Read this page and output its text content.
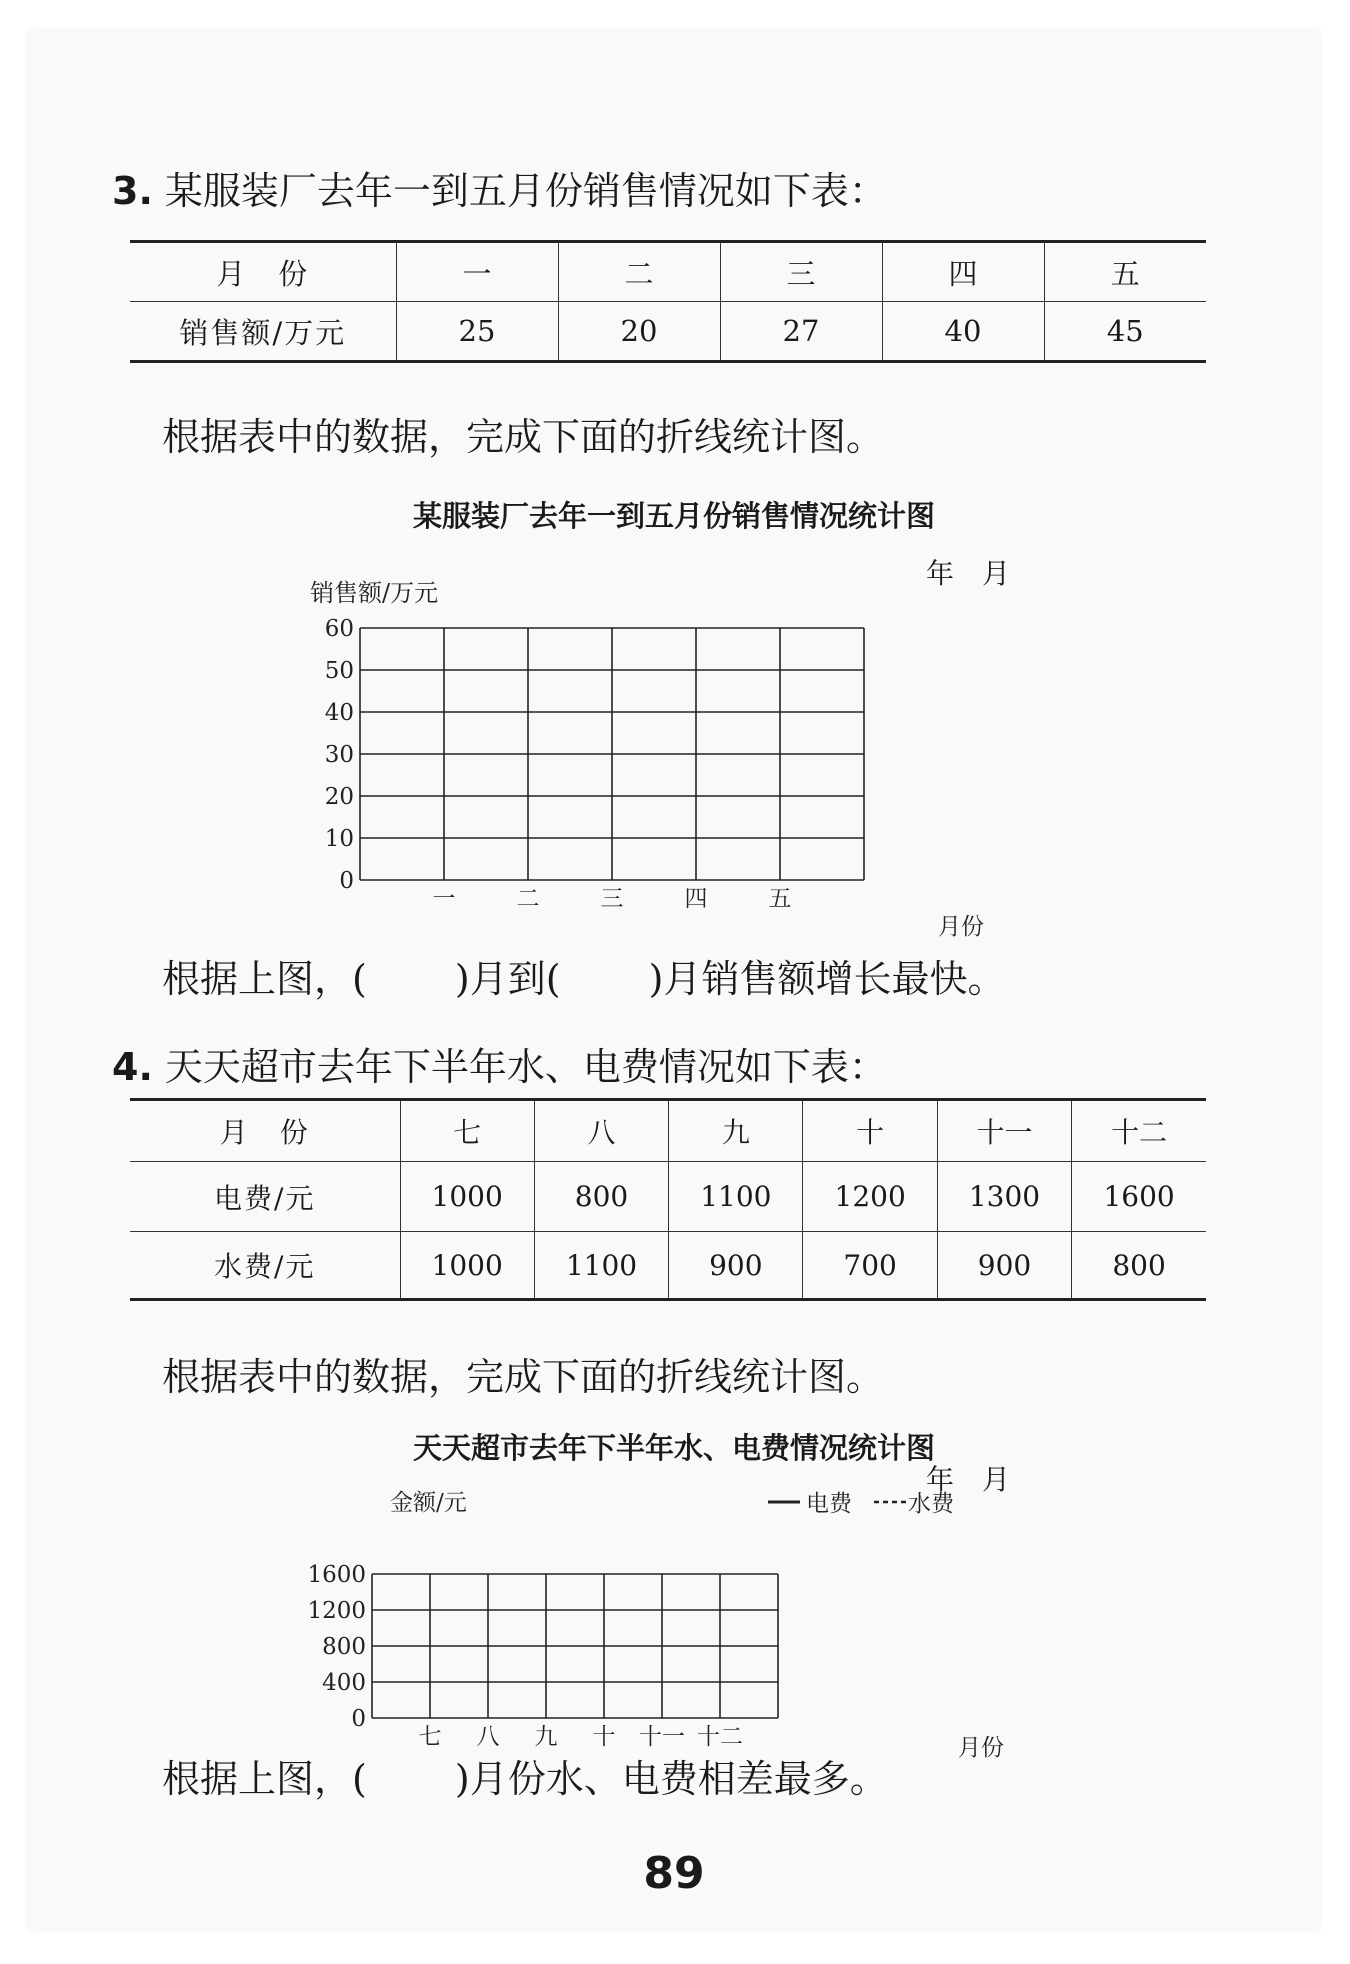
3. 某服装厂去年一到五月份销售情况如下表：
月　份	一	二	三	四	五
销售额/万元	25	20	27	40	45
根据表中的数据，完成下面的折线统计图。
某服装厂去年一到五月份销售情况统计图
年　月
销售额/万元
0
10
20
30
40
50
60
一	二	三	四	五
月份
根据上图，(　　 )月到(　　 )月销售额增长最快。
4. 天天超市去年下半年水、电费情况如下表：
月　份	七	八	九	十	十一	十二
电费/元	1000	800	1100	1200	1300	1600
水费/元	1000	1100	900	700	900	800
根据表中的数据，完成下面的折线统计图。
天天超市去年下半年水、电费情况统计图
年　月
金额/元	电费 水费
0
400
800
1200
1600
七 八 九 十 十一 十二	月份
根据上图，(　　 )月份水、电费相差最多。
89
